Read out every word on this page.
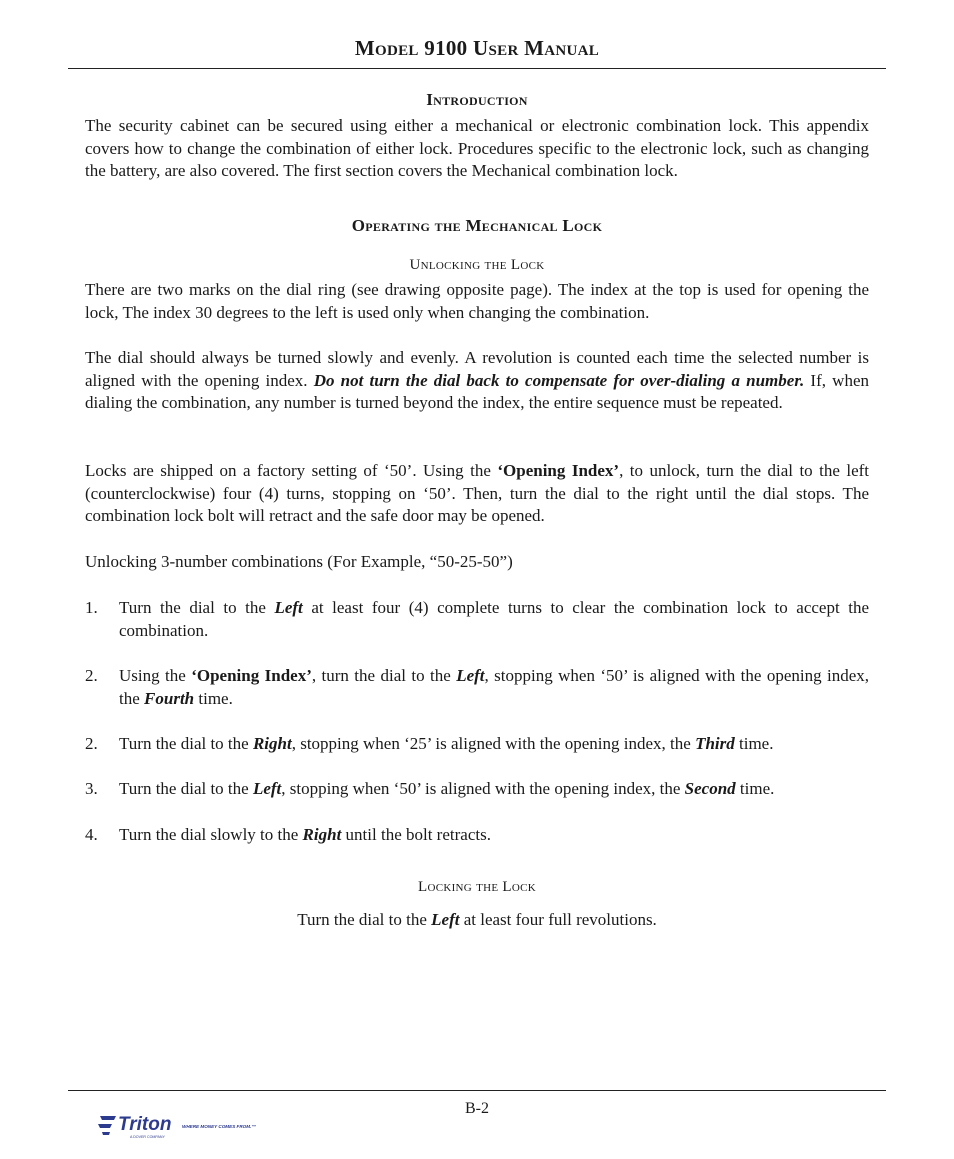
Model 9100 User Manual
Introduction
The security cabinet can be secured using either a mechanical or electronic combination lock. This appendix covers how to change the combination of either lock. Procedures specific to the electronic lock, such as changing the battery, are also covered. The first section covers the Mechanical combination lock.
Operating the Mechanical Lock
Unlocking the Lock
There are two marks on the dial ring (see drawing opposite page). The index at the top is used for opening the lock, The index 30 degrees to the left is used only when changing the combination.
The dial should always be turned slowly and evenly. A revolution is counted each time the selected number is aligned with the opening index. Do not turn the dial back to compensate for over-dialing a number. If, when dialing the combination, any number is turned beyond the index, the entire sequence must be repeated.
Locks are shipped on a factory setting of ‘50’. Using the ‘Opening Index’, to unlock, turn the dial to the left (counterclockwise) four (4) turns, stopping on ‘50’. Then, turn the dial to the right until the dial stops. The combination lock bolt will retract and the safe door may be opened.
Unlocking 3-number combinations (For Example, “50-25-50”)
1.	Turn the dial to the Left at least four (4) complete turns to clear the combination lock to accept the combination.
2.	Using the ‘Opening Index’, turn the dial to the Left, stopping when ‘50’ is aligned with the opening index, the Fourth time.
2.	Turn the dial to the Right, stopping when ‘25’ is aligned with the opening index, the Third time.
3.	Turn the dial to the Left, stopping when ‘50’ is aligned with the opening index, the Second time.
4.	Turn the dial slowly to the Right until the bolt retracts.
Locking the Lock
Turn the dial to the Left at least four full revolutions.
B-2
Triton WHERE MONEY COMES FROM.™
A DOVER COMPANY
